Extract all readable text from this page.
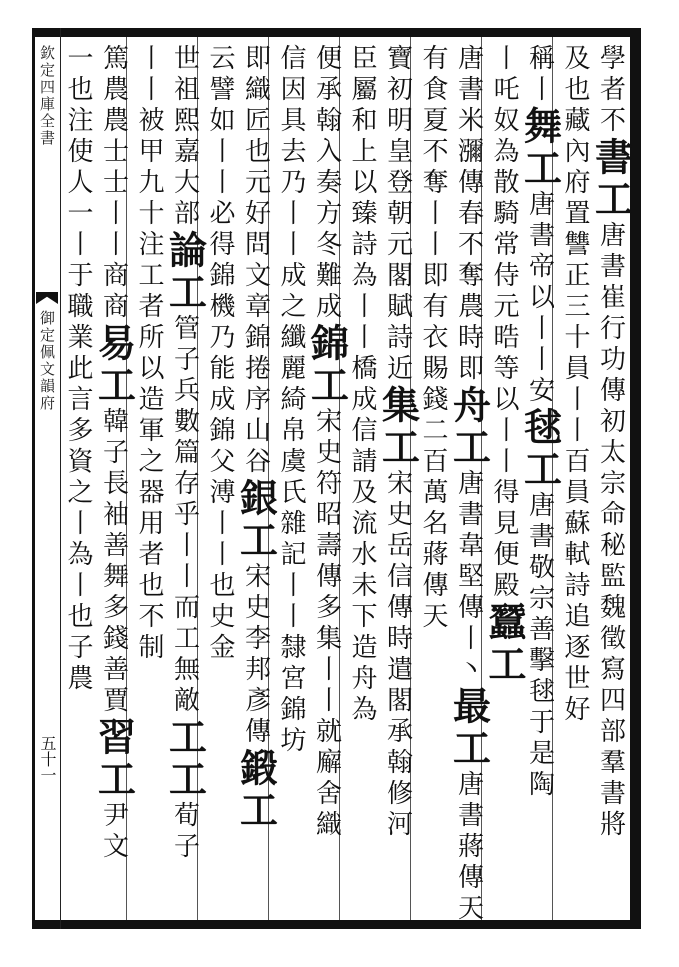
欽定四庫全書
御定佩文韻府
五十一
學者不書工唐書崔行功傳初太宗命秘監魏徵寫四部羣書將
及也藏內府置讐正三十員丨丨百員蘇軾詩追逐世好
稱丨舞工唐書帝以丨丨安毬工唐書敬宗善擊毬于是陶
丨吒奴為散騎常侍元晧等以丨丨得見便殿蠶工
唐書米瀰傳春不奪農時即舟工唐書韋堅傳丨丶最工唐書蔣傳天
有食夏不奪丨丨即有衣賜錢二百萬名蔣傳天
寶初明皇登朝元閣賦詩近集工宋史岳信傳時遣閣承翰修河
臣屬和上以臻詩為丨丨橋成信請及流水未下造舟為
便承翰入奏方冬難成錦工宋史符昭壽傳多集丨丨就廨舍織
信因具去乃丨丨成之纖麗綺帛虞氏雜記丨丨隸宮錦坊
即織匠也元好問文章錦捲序山谷銀工宋史李邦彥傳鍛工
云譬如丨丨必得錦機乃能成錦父溥丨丨也史金
世祖熙嘉大部論工管子兵數篇存乎丨丨而工無敵工工荀子
丨丨被甲九十注工者所以造軍之器用者也不制
篤農農士士丨丨商商易工韓子長袖善舞多錢善賈習工尹文
一也注使人一丨于職業此言多資之丨為丨也子農
